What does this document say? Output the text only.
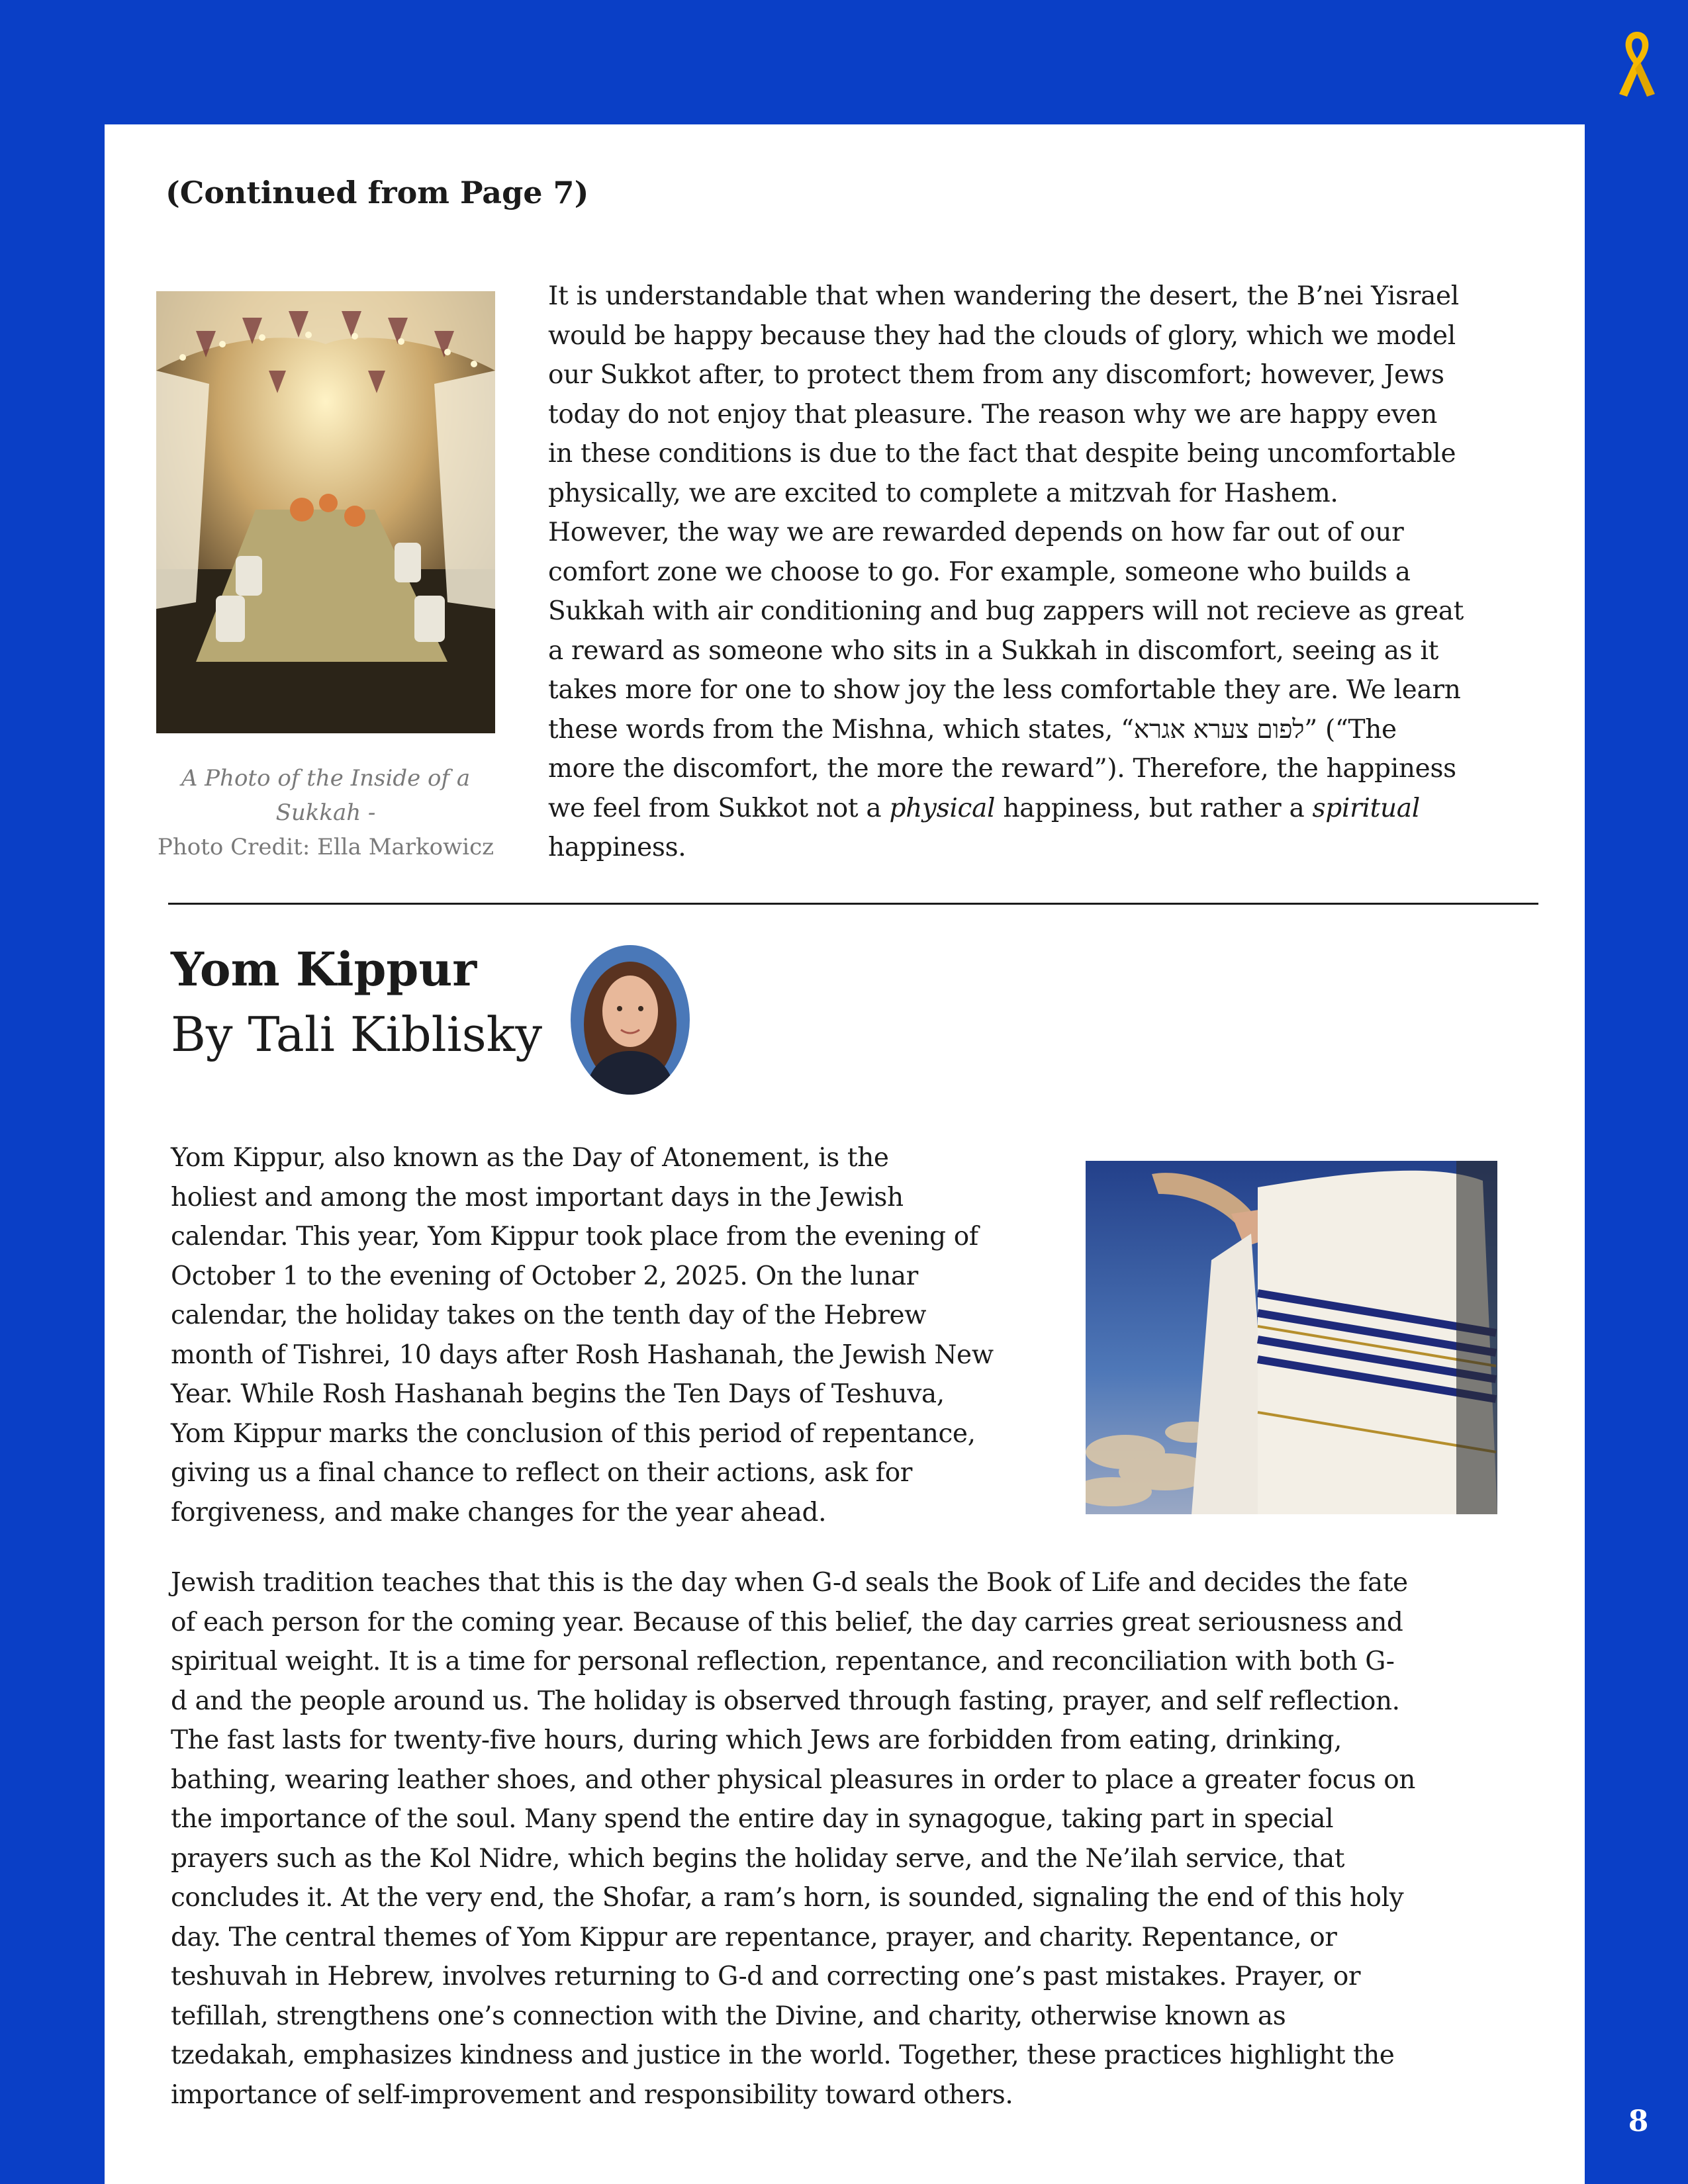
8
(Continued from Page 7)
A Photo of the Inside of a
Sukkah -
Photo Credit: Ella Markowicz
It is understandable that when wandering the desert, the B’nei Yisrael
would be happy because they had the clouds of glory, which we model
our Sukkot after, to protect them from any discomfort; however, Jews
today do not enjoy that pleasure. The reason why we are happy even
in these conditions is due to the fact that despite being uncomfortable
physically, we are excited to complete a mitzvah for Hashem.
However, the way we are rewarded depends on how far out of our
comfort zone we choose to go. For example, someone who builds a
Sukkah with air conditioning and bug zappers will not recieve as great
a reward as someone who sits in a Sukkah in discomfort, seeing as it
takes more for one to show joy the less comfortable they are. We learn
these words from the Mishna, which states, “לפום צערא אגרא” (“The
more the discomfort, the more the reward”). Therefore, the happiness
we feel from Sukkot not a physical happiness, but rather a spiritual
happiness.
Yom Kippur
By Tali Kiblisky
Yom Kippur, also known as the Day of Atonement, is the
holiest and among the most important days in the Jewish
calendar. This year, Yom Kippur took place from the evening of
October 1 to the evening of October 2, 2025. On the lunar
calendar, the holiday takes on the tenth day of the Hebrew
month of Tishrei, 10 days after Rosh Hashanah, the Jewish New
Year. While Rosh Hashanah begins the Ten Days of Teshuva,
Yom Kippur marks the conclusion of this period of repentance,
giving us a final chance to reflect on their actions, ask for
forgiveness, and make changes for the year ahead.
Jewish tradition teaches that this is the day when G-d seals the Book of Life and decides the fate
of each person for the coming year. Because of this belief, the day carries great seriousness and
spiritual weight. It is a time for personal reflection, repentance, and reconciliation with both G-
d and the people around us. The holiday is observed through fasting, prayer, and self reflection.
The fast lasts for twenty-five hours, during which Jews are forbidden from eating, drinking,
bathing, wearing leather shoes, and other physical pleasures in order to place a greater focus on
the importance of the soul. Many spend the entire day in synagogue, taking part in special
prayers such as the Kol Nidre, which begins the holiday serve, and the Ne’ilah service, that
concludes it. At the very end, the Shofar, a ram’s horn, is sounded, signaling the end of this holy
day. The central themes of Yom Kippur are repentance, prayer, and charity. Repentance, or
teshuvah in Hebrew, involves returning to G-d and correcting one’s past mistakes. Prayer, or
tefillah, strengthens one’s connection with the Divine, and charity, otherwise known as
tzedakah, emphasizes kindness and justice in the world. Together, these practices highlight the
importance of self-improvement and responsibility toward others.
